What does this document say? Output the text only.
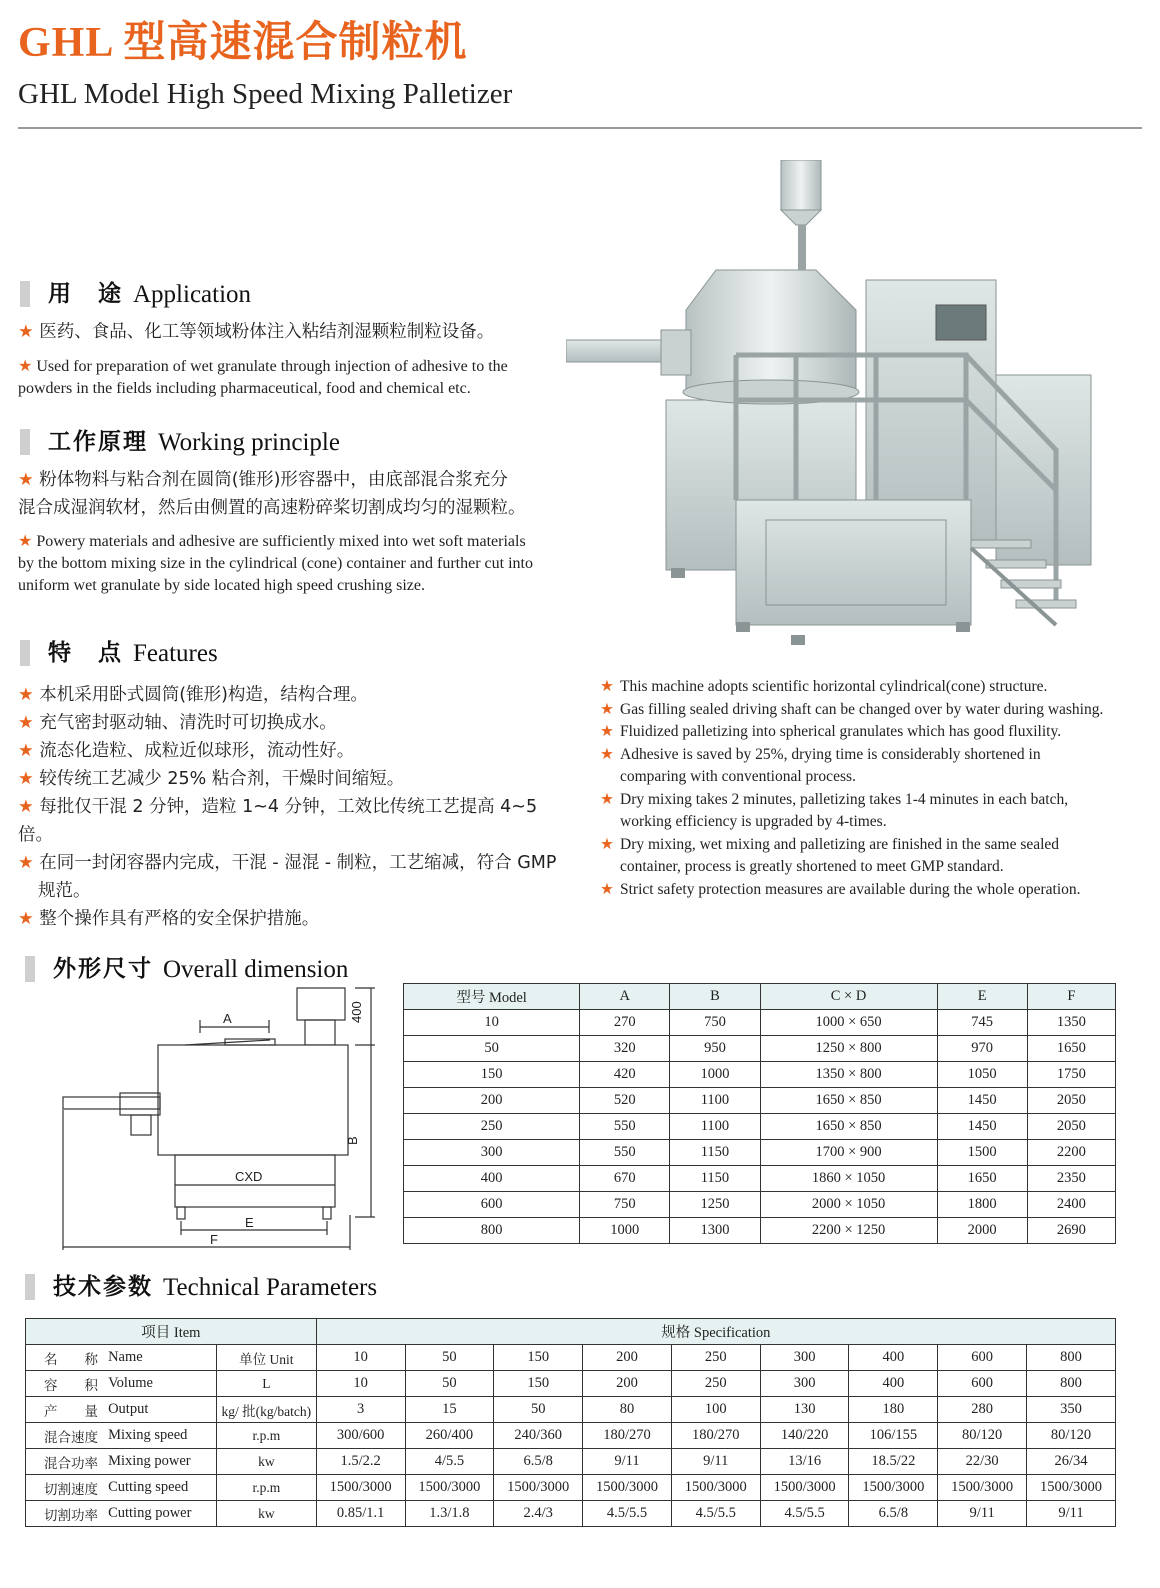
GHL 型高速混合制粒机
GHL Model High Speed Mixing Palletizer
用　途 Application
★ 医药、食品、化工等领域粉体注入粘结剂湿颗粒制粒设备。
★ Used for preparation of wet granulate through injection of adhesive to the powders in the fields including pharmaceutical, food and chemical etc.
工作原理 Working principle
★ 粉体物料与粘合剂在圆筒(锥形)形容器中，由底部混合浆充分
混合成湿润软材，然后由侧置的高速粉碎桨切割成均匀的湿颗粒。
★ Powery materials and adhesive are sufficiently mixed into wet soft materials by the bottom mixing size in the cylindrical (cone) container and further cut into uniform wet granulate by side located high speed crushing size.
特　点 Features
★ 本机采用卧式圆筒(锥形)构造，结构合理。
★ 充气密封驱动轴、清洗时可切换成水。
★ 流态化造粒、成粒近似球形，流动性好。
★ 较传统工艺减少 25% 粘合剂，干燥时间缩短。
★ 每批仅干混 2 分钟，造粒 1~4 分钟，工效比传统工艺提高 4~5 倍。
★ 在同一封闭容器内完成，干混 - 湿混 - 制粒，工艺缩减，符合 GMP 规范。
★ 整个操作具有严格的安全保护措施。
★ This machine adopts scientific horizontal cylindrical(cone) structure.
★ Gas filling sealed driving shaft can be changed over by water during washing.
★ Fluidized palletizing into spherical granulates which has good fluxility.
★ Adhesive is saved by 25%, drying time is considerably shortened in comparing with conventional process.
★ Dry mixing takes 2 minutes, palletizing takes 1-4 minutes in each batch, working efficiency is upgraded by 4-times.
★ Dry mixing, wet mixing and palletizing are finished in the same sealed container, process is greatly shortened to meet GMP standard.
★ Strict safety protection measures are available during the whole operation.
外形尺寸 Overall dimension
A	400
B
CXD
E
F
型号 Model	A	B	C × D	E	F
10	270	750	1000 × 650	745	1350
50	320	950	1250 × 800	970	1650
150	420	1000	1350 × 800	1050	1750
200	520	1100	1650 × 850	1450	2050
250	550	1100	1650 × 850	1450	2050
300	550	1150	1700 × 900	1500	2200
400	670	1150	1860 × 1050	1650	2350
600	750	1250	2000 × 1050	1800	2400
800	1000	1300	2200 × 1250	2000	2690
技术参数 Technical Parameters
项目 Item			规格 Specification								
名　　称	Name	单位 Unit	10	50	150	200	250	300	400	600	800
容　　积	Volume	L	10	50	150	200	250	300	400	600	800
产　　量	Output	kg/ 批(kg/batch)	3	15	50	80	100	130	180	280	350
混合速度	Mixing speed	r.p.m	300/600	260/400	240/360	180/270	180/270	140/220	106/155	80/120	80/120
混合功率	Mixing power	kw	1.5/2.2	4/5.5	6.5/8	9/11	9/11	13/16	18.5/22	22/30	26/34
切割速度	Cutting speed	r.p.m	1500/3000	1500/3000	1500/3000	1500/3000	1500/3000	1500/3000	1500/3000	1500/3000	1500/3000
切割功率	Cutting power	kw	0.85/1.1	1.3/1.8	2.4/3	4.5/5.5	4.5/5.5	4.5/5.5	6.5/8	9/11	9/11
